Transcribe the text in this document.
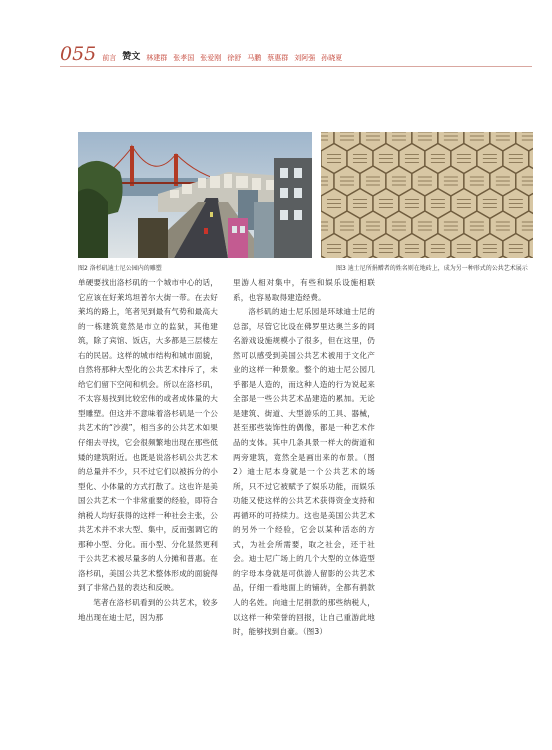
055 前言 赞文 林建群 张孝国 张爱刚 徐舒 马鹏 蔡惠群 刘阿强 孙晓夏
图2 洛杉矶迪士尼公园内的雕塑	图3 迪士尼所捐赠者的姓名则在地砖上，成为另一种形式的公共艺术展示

单硬要找出洛杉矶的一个城市中心的话，它应该在好莱坞坦普尔大街一带。在去好莱坞的路上，笔者见到最有气势和最高大的一栋建筑竟然是市立的监狱，其他建筑，除了宾馆、饭店，大多都是三层楼左右的民居。这样的城市结构和城市面貌，自然将那种大型化的公共艺术排斥了，未给它们留下空间和机会。所以在洛杉矶，不太容易找到比较宏伟的或者成体量的大型雕塑。但这并不意味着洛杉矶是一个公共艺术的“沙漠”，相当多的公共艺术如果仔细去寻找，它会很频繁地出现在那些低矮的建筑附近。也既是说洛杉矶公共艺术的总量并不少，只不过它们以被拆分的小型化、小体量的方式打散了。这也许是美国公共艺术一个非常重要的经验，即符合纳税人均好获得的这样一种社会主张，公共艺术并不求大型、集中，反而强调它的那种小型、分化。而小型、分化显然更利于公共艺术被尽量多的人分摊和普惠。在洛杉矶，美国公共艺术整体形成的面貌得到了非常凸显的表达和反映。

笔者在洛杉矶看到的公共艺术，较多地出现在迪士尼，因为那

里游人相对集中，有些和娱乐设施相联系，也容易取得建造经费。

洛杉矶的迪士尼乐园是环球迪士尼的总部，尽管它比设在佛罗里达奥兰多的同名游戏设施规模小了很多，但在这里，仍然可以感受到美国公共艺术被用于文化产业的这样一种景象。整个的迪士尼公园几乎都是人造的，而这种人造的行为说起来全部是一些公共艺术品建造的累加。无论是建筑、街道、大型游乐的工具、器械，甚至那些装饰性的偶像，都是一种艺术作品的支体。其中几条具景一样大的街道和两旁建筑，竟然全是画出来的布景。（图2）迪士尼本身就是一个公共艺术的场所，只不过它被赋予了娱乐功能，而娱乐功能又使这样的公共艺术获得资金支持和再循环的可持续力。这也是美国公共艺术的另外一个经验，它会以某种活态的方式，为社会所需要，取之社会，还于社会。迪士尼广场上的几个大型的立体造型的字母本身就是可供游人留影的公共艺术品，仔细一看地面上的铺砖，全都有捐款人的名姓。向迪士尼捐款的那些纳税人，以这样一种荣誉的回报，让自己重游此地时，能够找到自豪。（图3）
